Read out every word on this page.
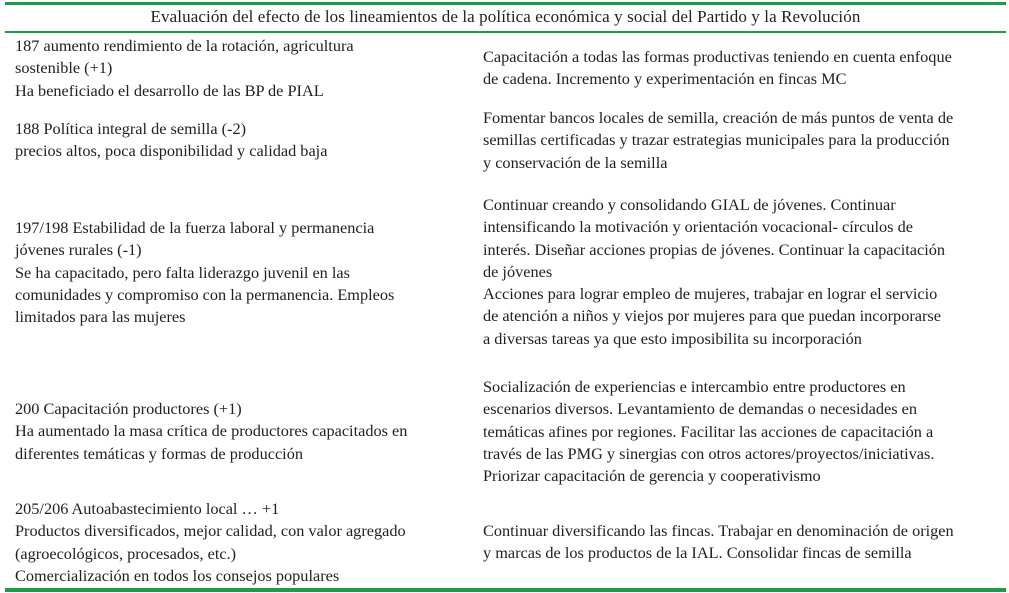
Evaluación del efecto de los lineamientos de la política económica y social del Partido y la Revolución
187 aumento rendimiento de la rotación, agricultura
sostenible (+1)
Ha beneficiado el desarrollo de las BP de PIAL
Capacitación a todas las formas productivas teniendo en cuenta enfoque
de cadena. Incremento y experimentación en fincas MC
188 Política integral de semilla (-2)
precios altos, poca disponibilidad y calidad baja
Fomentar bancos locales de semilla, creación de más puntos de venta de
semillas certificadas y trazar estrategias municipales para la producción
y conservación de la semilla
197/198 Estabilidad de la fuerza laboral y permanencia
jóvenes rurales (-1)
Se ha capacitado, pero falta liderazgo juvenil en las
comunidades y compromiso con la permanencia. Empleos
limitados para las mujeres
Continuar creando y consolidando GIAL de jóvenes. Continuar
intensificando la motivación y orientación vocacional- círculos de
interés. Diseñar acciones propias de jóvenes. Continuar la capacitación
de jóvenes
Acciones para lograr empleo de mujeres, trabajar en lograr el servicio
de atención a niños y viejos por mujeres para que puedan incorporarse
a diversas tareas ya que esto imposibilita su incorporación
200 Capacitación productores (+1)
Ha aumentado la masa crítica de productores capacitados en
diferentes temáticas y formas de producción
Socialización de experiencias e intercambio entre productores en
escenarios diversos. Levantamiento de demandas o necesidades en
temáticas afines por regiones. Facilitar las acciones de capacitación a
través de las PMG y sinergias con otros actores/proyectos/iniciativas.
Priorizar capacitación de gerencia y cooperativismo
205/206 Autoabastecimiento local … +1
Productos diversificados, mejor calidad, con valor agregado
(agroecológicos, procesados, etc.)
Comercialización en todos los consejos populares
Continuar diversificando las fincas. Trabajar en denominación de origen
y marcas de los productos de la IAL. Consolidar fincas de semilla
